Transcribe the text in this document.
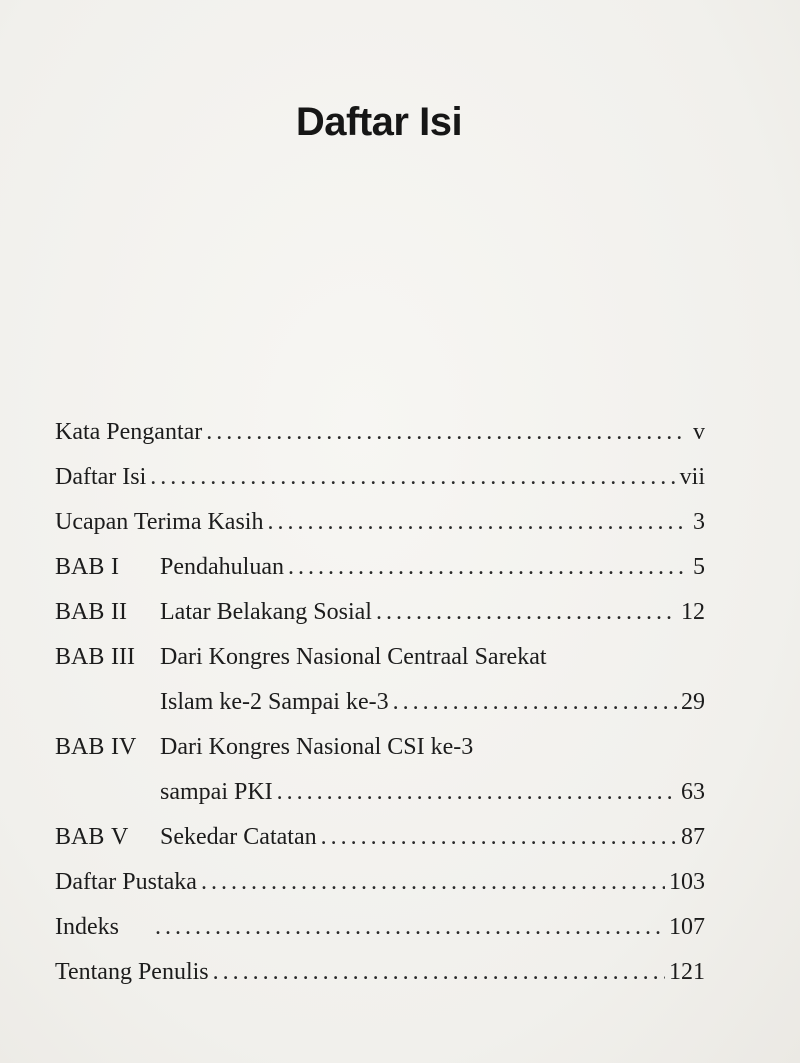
Daftar Isi
Kata Pengantar . . .	v
Daftar Isi . . .	vii
Ucapan Terima Kasih . . .	3
BAB I	Pendahuluan . . .	5
BAB II	Latar Belakang Sosial . . .	12
BAB III	Dari Kongres Nasional Centraal Sarekat
Islam ke-2 Sampai ke-3 . . .	29
BAB IV Dari Kongres Nasional CSI ke-3
sampai PKI . . .	63
BAB V	Sekedar Catatan . . .	87
Daftar Pustaka . . .	103
Indeks . . .	107
Tentang Penulis . . .	121
